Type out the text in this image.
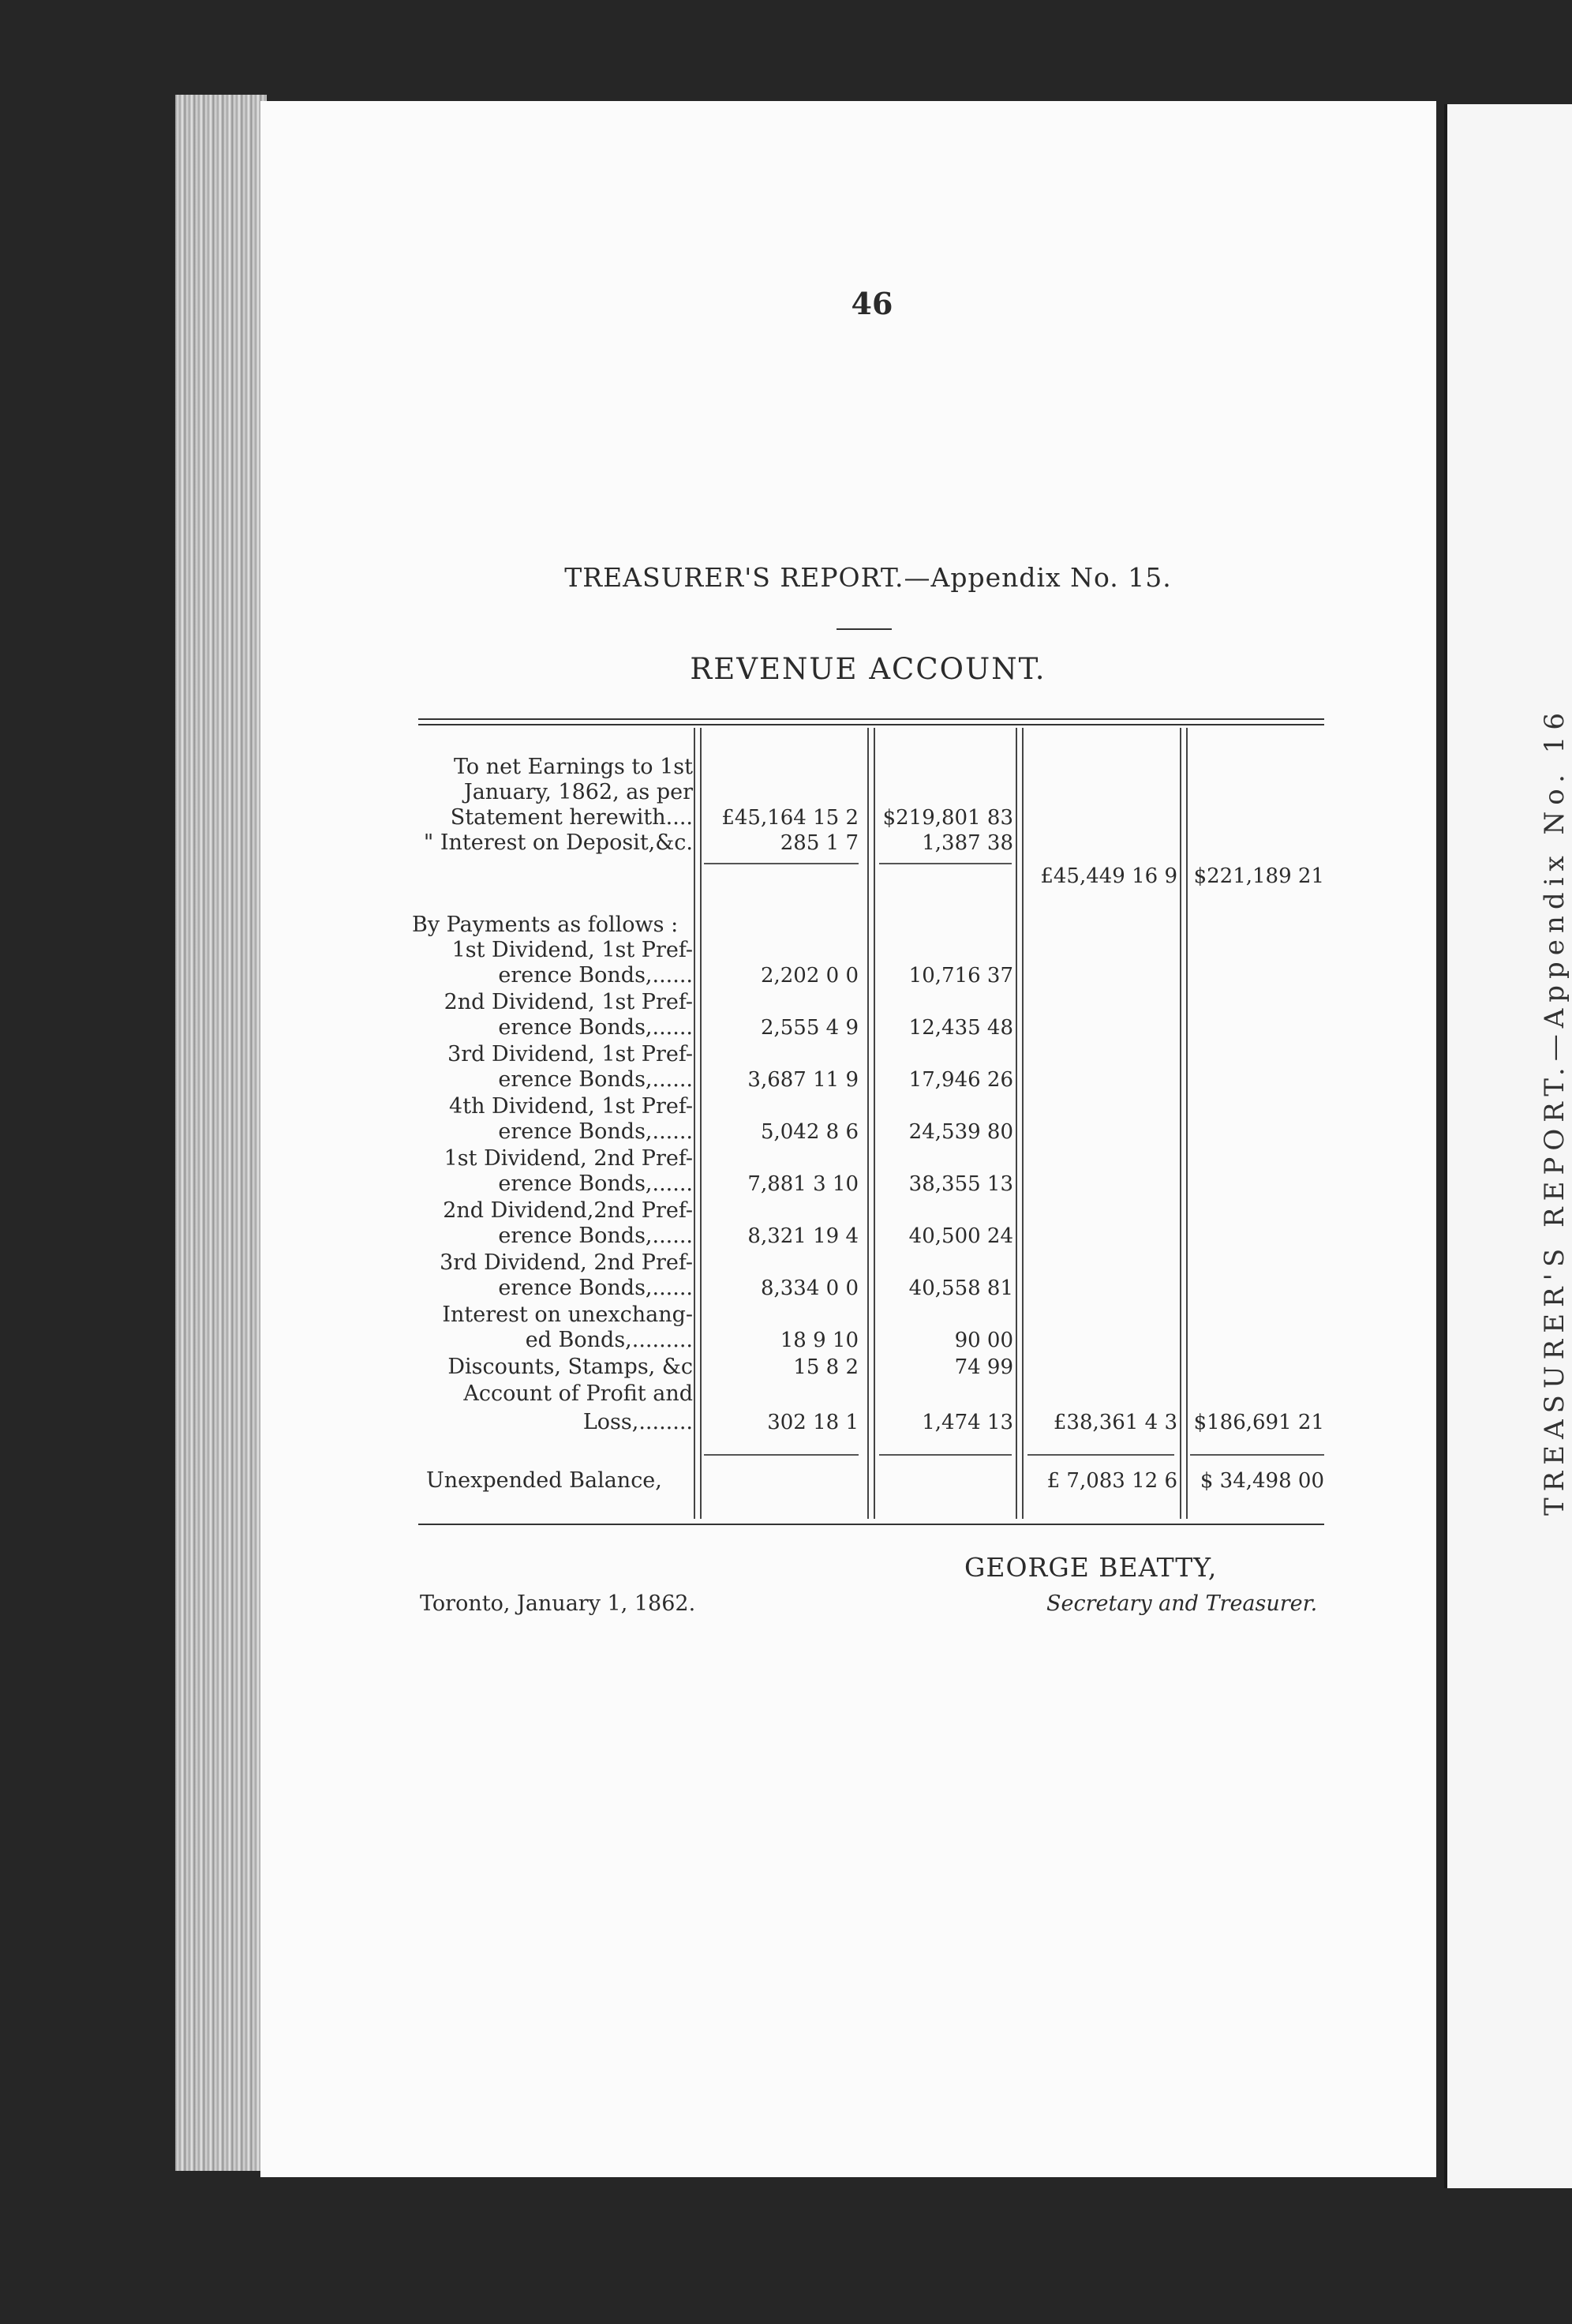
TREASURER'S REPORT.—Appendix No. 16
46
TREASURER'S REPORT.—Appendix No. 15.
REVENUE ACCOUNT.
To net Earnings to 1st
January, 1862, as per
Statement herewith.... £45,164 15 2 $219,801 83
" Interest on Deposit,&c.	285 1 7	1,387 38
£45,449 16 9 $221,189 21
By Payments as follows :
1st Dividend, 1st Pref-
erence Bonds,......	2,202 0 0 10,716 37
2nd Dividend, 1st Pref-
erence Bonds,......	2,555 4 9 12,435 48
3rd Dividend, 1st Pref-
erence Bonds,......	3,687 11 9 17,946 26
4th Dividend, 1st Pref-
erence Bonds,......	5,042 8 6 24,539 80
1st Dividend, 2nd Pref-
erence Bonds,......	7,881 3 10 38,355 13
2nd Dividend,2nd Pref-
erence Bonds,......	8,321 19 4 40,500 24
3rd Dividend, 2nd Pref-
erence Bonds,......	8,334 0 0 40,558 81
Interest on unexchang-
ed Bonds,.........	18 9 10	90 00
Discounts, Stamps, &c	15 8 2	74 99
Account of Profit and
Loss,........	302 18 1	1,474 13 £38,361 4 3 $186,691 21
Unexpended Balance,	£ 7,083 12 6 $ 34,498 00
Toronto, January 1, 1862.
GEORGE BEATTY,
Secretary and Treasurer.
